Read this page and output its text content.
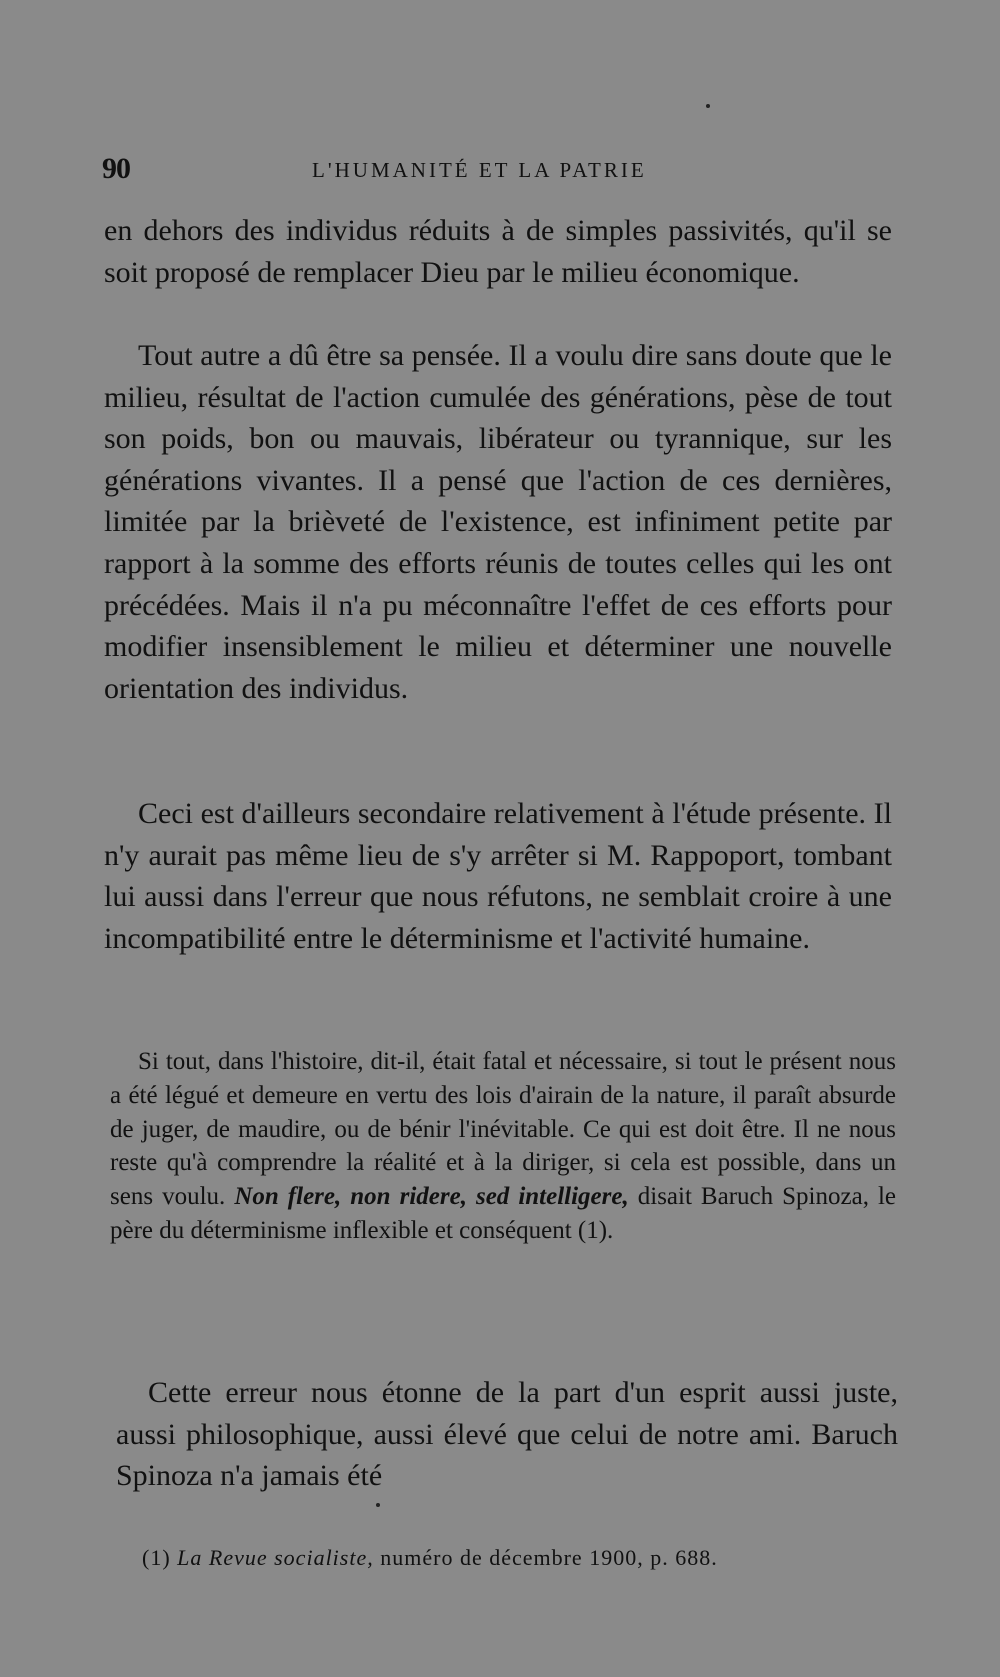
90	L'HUMANITÉ ET LA PATRIE

en dehors des individus réduits à de simples passivités, qu'il se soit proposé de remplacer Dieu par le milieu économique.

Tout autre a dû être sa pensée. Il a voulu dire sans doute que le milieu, résultat de l'action cumulée des générations, pèse de tout son poids, bon ou mauvais, libérateur ou tyrannique, sur les générations vivantes. Il a pensé que l'action de ces dernières, limitée par la brièveté de l'existence, est infiniment petite par rapport à la somme des efforts réunis de toutes celles qui les ont précédées. Mais il n'a pu méconnaître l'effet de ces efforts pour modifier insensiblement le milieu et déterminer une nouvelle orientation des individus.

Ceci est d'ailleurs secondaire relativement à l'étude présente. Il n'y aurait pas même lieu de s'y arrêter si M. Rappoport, tombant lui aussi dans l'erreur que nous réfutons, ne semblait croire à une incompatibilité entre le déterminisme et l'activité humaine.

Si tout, dans l'histoire, dit-il, était fatal et nécessaire, si tout le présent nous a été légué et demeure en vertu des lois d'airain de la nature, il paraît absurde de juger, de maudire, ou de bénir l'inévitable. Ce qui est doit être. Il ne nous reste qu'à comprendre la réalité et à la diriger, si cela est possible, dans un sens voulu. Non flere, non ridere, sed intelligere, disait Baruch Spinoza, le père du déterminisme inflexible et conséquent (1).

Cette erreur nous étonne de la part d'un esprit aussi juste, aussi philosophique, aussi élevé que celui de notre ami. Baruch Spinoza n'a jamais été

(1) La Revue socialiste, numéro de décembre 1900, p. 688.
